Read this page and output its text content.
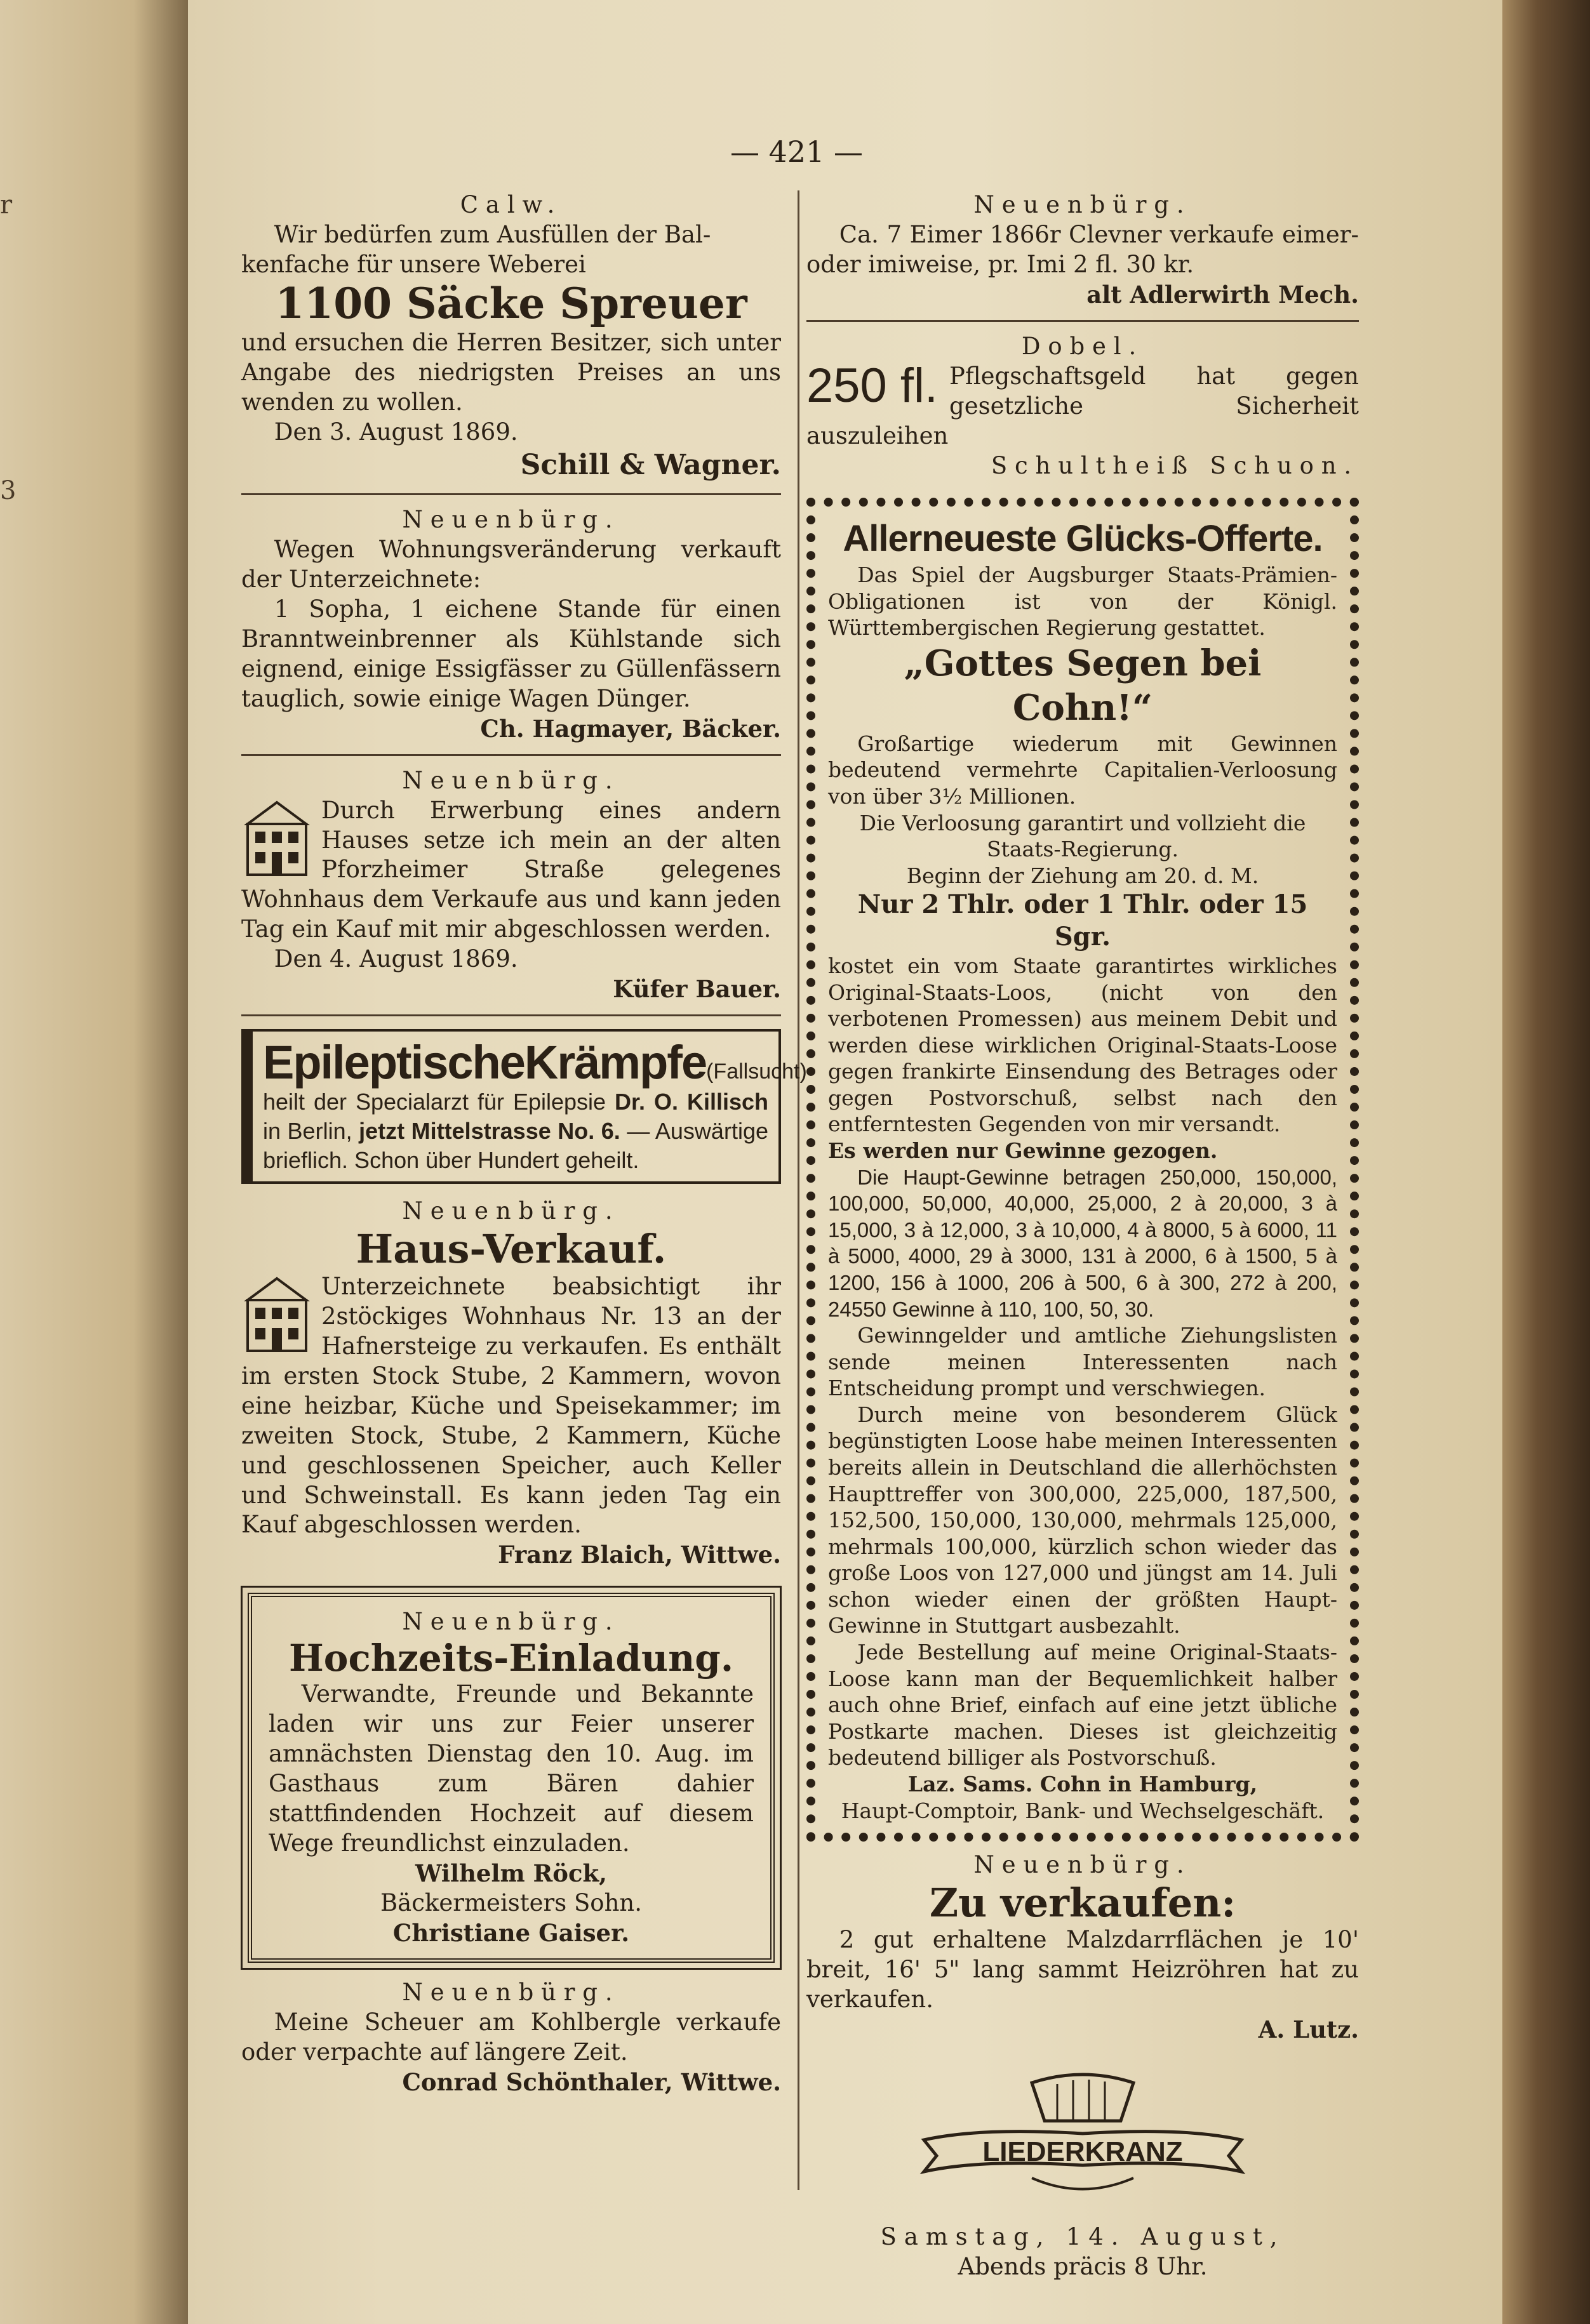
r
3
— 421 —

Calw.

Wir bedürfen zum Ausfüllen der Bal-

kenfache für unsere Weberei

1100 Säcke Spreuer

und ersuchen die Herren Besitzer, sich unter Angabe des niedrigsten Preises an uns wenden zu wollen.

Den 3. August 1869.

Schill & Wagner.

Neuenbürg.

Wegen Wohnungsveränderung verkauft der Unterzeichnete:

1 Sopha, 1 eichene Stande für einen Branntweinbrenner als Kühlstande sich eignend, einige Essigfässer zu Güllenfässern tauglich, sowie einige Wagen Dünger.

Ch. Hagmayer, Bäcker.

Neuenbürg.

Durch Erwerbung eines andern Hauses setze ich mein an der alten Pforzheimer Straße gelegenes Wohnhaus dem Verkaufe aus und kann jeden Tag ein Kauf mit mir abgeschlossen werden.

Den 4. August 1869.

Küfer Bauer.

EpileptischeKrämpfe(Fallsucht)

heilt der Specialarzt für Epilepsie Dr. O. Killisch in Berlin, jetzt Mittelstrasse No. 6. — Auswärtige brieflich. Schon über Hundert geheilt.

Neuenbürg.

Haus-Verkauf.

Unterzeichnete beabsichtigt ihr 2stöckiges Wohnhaus Nr. 13 an der Hafnersteige zu verkaufen. Es enthält im ersten Stock Stube, 2 Kammern, wovon eine heizbar, Küche und Speisekammer; im zweiten Stock, Stube, 2 Kammern, Küche und geschlossenen Speicher, auch Keller und Schweinstall. Es kann jeden Tag ein Kauf abgeschlossen werden.

Franz Blaich, Wittwe.

Neuenbürg.

Hochzeits-Einladung.

Verwandte, Freunde und Bekannte laden wir uns zur Feier unserer amnächsten Dienstag den 10. Aug. im Gasthaus zum Bären dahier stattfindenden Hochzeit auf diesem Wege freundlichst einzuladen.

Wilhelm Röck,

Bäckermeisters Sohn.

Christiane Gaiser.

Neuenbürg.

Meine Scheuer am Kohlbergle verkaufe oder verpachte auf längere Zeit.

Conrad Schönthaler, Wittwe.

Neuenbürg.

Ca. 7 Eimer 1866r Clevner verkaufe eimer- oder imiweise, pr. Imi 2 fl. 30 kr.

alt Adlerwirth Mech.

Dobel.

250 fl. Pflegschaftsgeld hat gegen gesetzliche Sicherheit auszuleihen

Schultheiß Schuon.

Allerneueste Glücks-Offerte.

Das Spiel der Augsburger Staats-Prämien-Obligationen ist von der Königl. Württembergischen Regierung gestattet.

„Gottes Segen bei Cohn!“

Großartige wiederum mit Gewinnen bedeutend vermehrte Capitalien-Verloosung von über 3½ Millionen.

Die Verloosung garantirt und vollzieht die Staats-Regierung.

Beginn der Ziehung am 20. d. M.

Nur 2 Thlr. oder 1 Thlr. oder 15 Sgr.

kostet ein vom Staate garantirtes wirkliches Original-Staats-Loos, (nicht von den verbotenen Promessen) aus meinem Debit und werden diese wirklichen Original-Staats-Loose gegen frankirte Einsendung des Betrages oder gegen Postvorschuß, selbst nach den entferntesten Gegenden von mir versandt.

Es werden nur Gewinne gezogen.

Die Haupt-Gewinne betragen 250,000, 150,000, 100,000, 50,000, 40,000, 25,000, 2 à 20,000, 3 à 15,000, 3 à 12,000, 3 à 10,000, 4 à 8000, 5 à 6000, 11 à 5000, 4000, 29 à 3000, 131 à 2000, 6 à 1500, 5 à 1200, 156 à 1000, 206 à 500, 6 à 300, 272 à 200, 24550 Gewinne à 110, 100, 50, 30.

Gewinngelder und amtliche Ziehungslisten sende meinen Interessenten nach Entscheidung prompt und verschwiegen.

Durch meine von besonderem Glück begünstigten Loose habe meinen Interessenten bereits allein in Deutschland die allerhöchsten Haupttreffer von 300,000, 225,000, 187,500, 152,500, 150,000, 130,000, mehrmals 125,000, mehrmals 100,000, kürzlich schon wieder das große Loos von 127,000 und jüngst am 14. Juli schon wieder einen der größten Haupt-Gewinne in Stuttgart ausbezahlt.

Jede Bestellung auf meine Original-Staats-Loose kann man der Bequemlichkeit halber auch ohne Brief, einfach auf eine jetzt übliche Postkarte machen. Dieses ist gleichzeitig bedeutend billiger als Postvorschuß.

Laz. Sams. Cohn in Hamburg,

Haupt-Comptoir, Bank- und Wechselgeschäft.

Neuenbürg.

Zu verkaufen:

2 gut erhaltene Malzdarrflächen je 10' breit, 16' 5" lang sammt Heizröhren hat zu verkaufen.

A. Lutz.

LIEDERKRANZ

Samstag, 14. August,

Abends präcis 8 Uhr.
